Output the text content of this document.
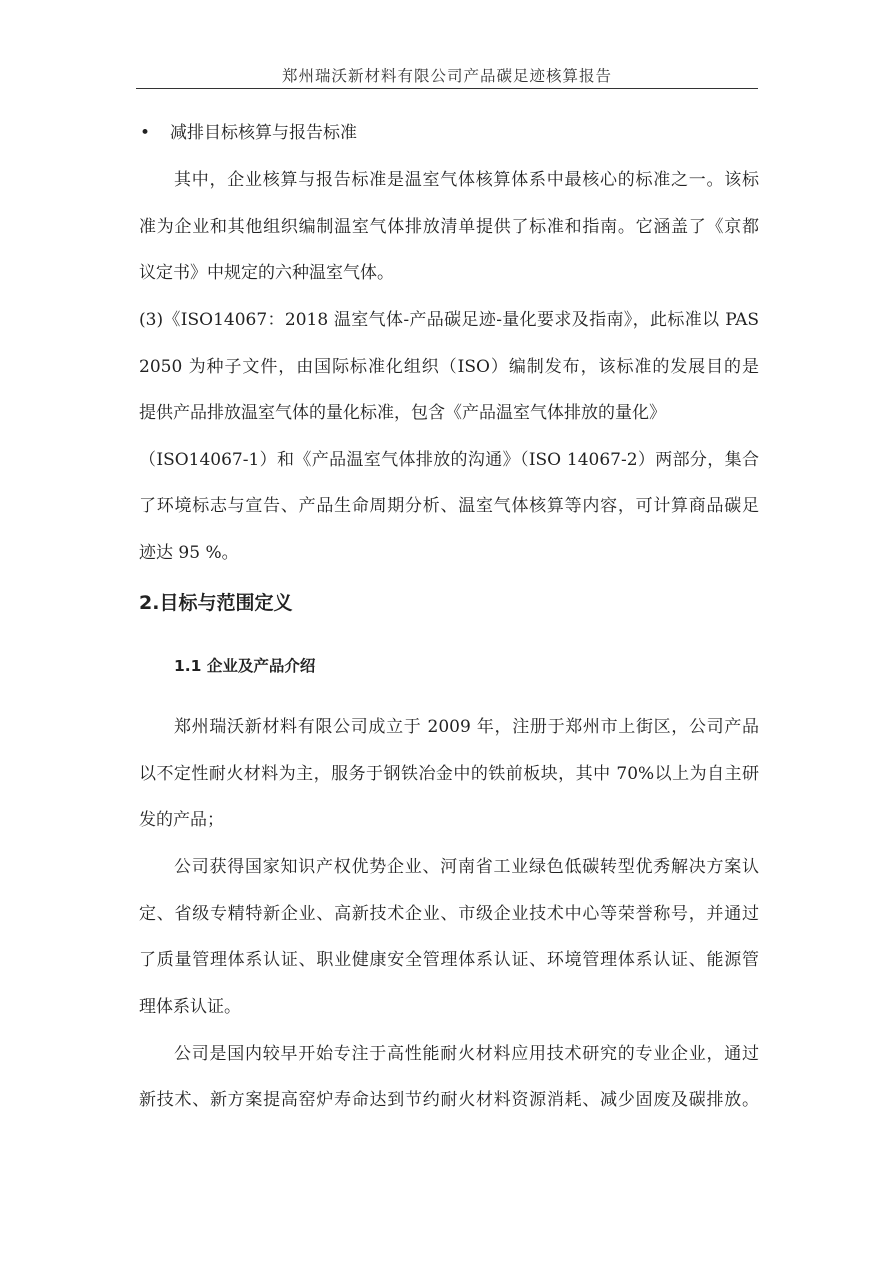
郑州瑞沃新材料有限公司产品碳足迹核算报告
• 减排目标核算与报告标准
其中，企业核算与报告标准是温室气体核算体系中最核心的标准之一。该标
准为企业和其他组织编制温室气体排放清单提供了标准和指南。它涵盖了《京都
议定书》中规定的六种温室气体。
(3)《ISO14067：2018 温室气体-产品碳足迹-量化要求及指南》，此标准以 PAS
2050 为种子文件，由国际标准化组织（ISO）编制发布，该标准的发展目的是
提供产品排放温室气体的量化标准，包含《产品温室气体排放的量化》
（ISO14067-1）和《产品温室气体排放的沟通》（ISO 14067-2）两部分，集合
了环境标志与宣告、产品生命周期分析、温室气体核算等内容，可计算商品碳足
迹达 95 %。
2.目标与范围定义
1.1 企业及产品介绍
郑州瑞沃新材料有限公司成立于 2009 年，注册于郑州市上街区，公司产品
以不定性耐火材料为主，服务于钢铁冶金中的铁前板块，其中 70%以上为自主研
发的产品；
公司获得国家知识产权优势企业、河南省工业绿色低碳转型优秀解决方案认
定、省级专精特新企业、高新技术企业、市级企业技术中心等荣誉称号，并通过
了质量管理体系认证、职业健康安全管理体系认证、环境管理体系认证、能源管
理体系认证。
公司是国内较早开始专注于高性能耐火材料应用技术研究的专业企业，通过
新技术、新方案提高窑炉寿命达到节约耐火材料资源消耗、减少固废及碳排放。
